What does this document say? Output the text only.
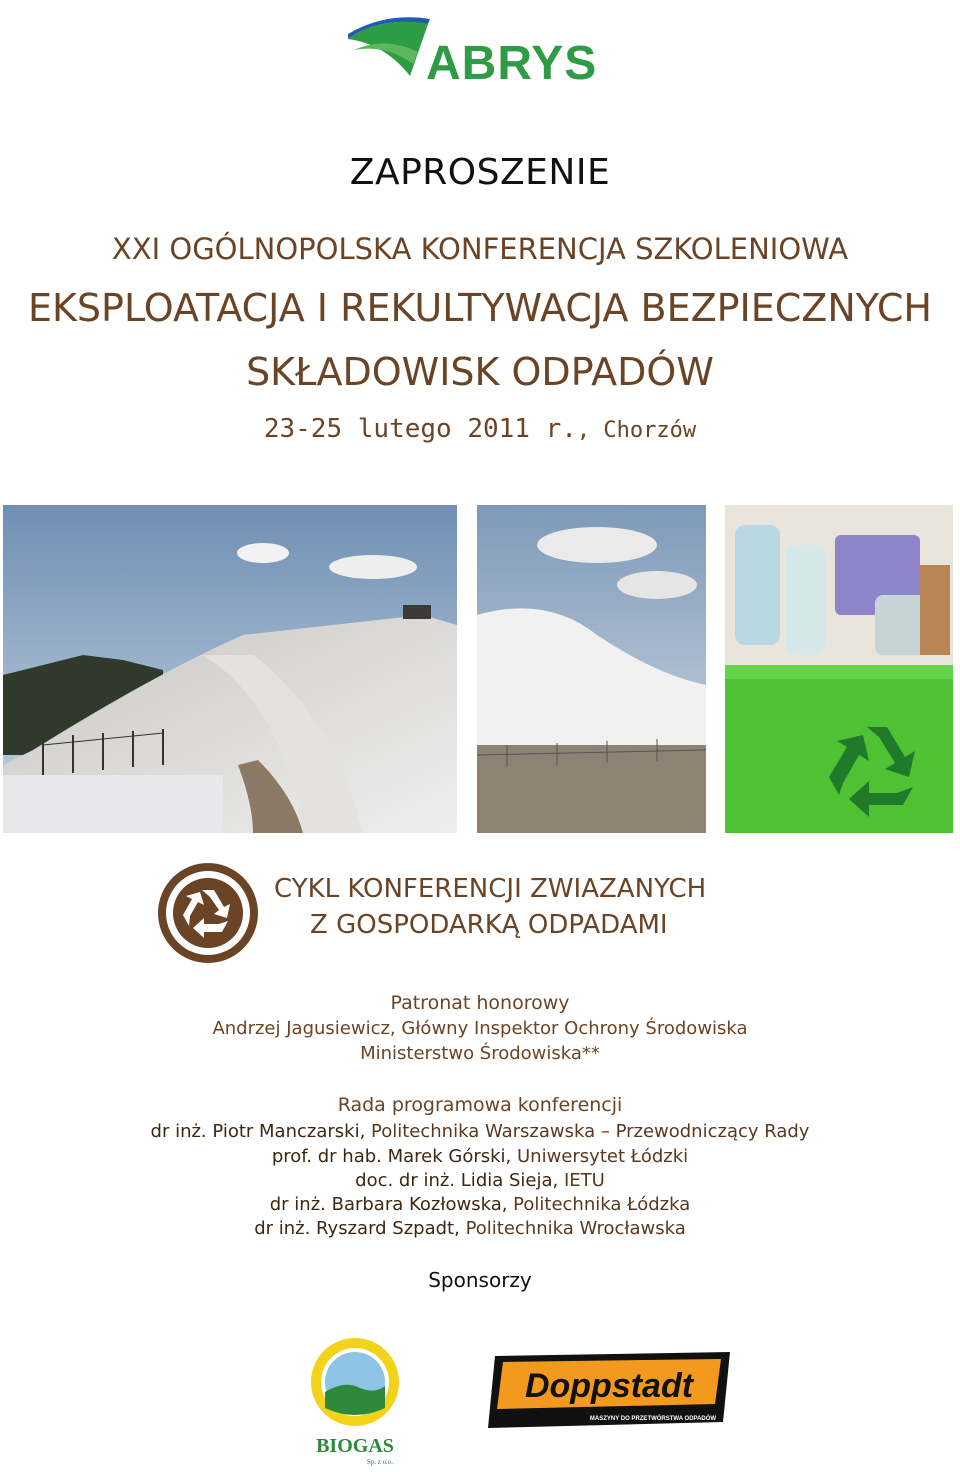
ABRYS
ZAPROSZENIE
XXI OGÓLNOPOLSKA KONFERENCJA SZKOLENIOWA
EKSPLOATACJA I REKULTYWACJA BEZPIECZNYCH
SKŁADOWISK ODPADÓW
23-25 lutego 2011 r., Chorzów
CYKL KONFERENCJI ZWIAZANYCH
Z GOSPODARKĄ ODPADAMI
Patronat honorowy
Andrzej Jagusiewicz, Główny Inspektor Ochrony Środowiska
Ministerstwo Środowiska**
Rada programowa konferencji
dr inż. Piotr Manczarski, Politechnika Warszawska – Przewodniczący Rady
prof. dr hab. Marek Górski, Uniwersytet Łódzki
doc. dr inż. Lidia Sieja, IETU
dr inż. Barbara Kozłowska, Politechnika Łódzka
dr inż. Ryszard Szpadt, Politechnika Wrocławska
Sponsorzy
BIOGAS
Sp. z o.o.
Doppstadt
MASZYNY DO PRZETWÓRSTWA ODPADÓW
